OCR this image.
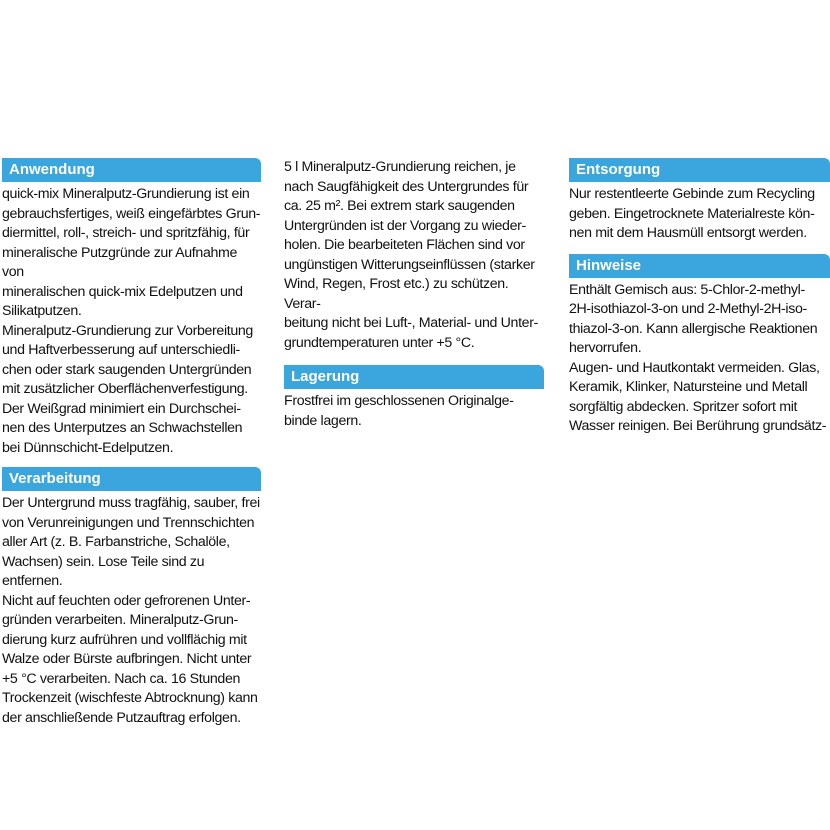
Anwendung
quick-mix Mineralputz-Grundierung ist ein
gebrauchsfertiges, weiß eingefärbtes Grun-
diermittel, roll-, streich- und spritzfähig, für
mineralische Putzgründe zur Aufnahme von
mineralischen quick-mix Edelputzen und
Silikatputzen.
Mineralputz-Grundierung zur Vorbereitung
und Haftverbesserung auf unterschiedli-
chen oder stark saugenden Untergründen
mit zusätzlicher Oberflächenverfestigung.
Der Weißgrad minimiert ein Durchschei-
nen des Unterputzes an Schwachstellen
bei Dünnschicht-Edelputzen.
Verarbeitung
Der Untergrund muss tragfähig, sauber, frei
von Verunreinigungen und Trennschichten
aller Art (z. B. Farbanstriche, Schalöle,
Wachsen) sein. Lose Teile sind zu entfernen.
Nicht auf feuchten oder gefrorenen Unter-
gründen verarbeiten. Mineralputz-Grun-
dierung kurz aufrühren und vollflächig mit
Walze oder Bürste aufbringen. Nicht unter
+5 °C verarbeiten. Nach ca. 16 Stunden
Trockenzeit (wischfeste Abtrocknung) kann
der anschließende Putzauftrag erfolgen.
5 l Mineralputz-Grundierung reichen, je
nach Saugfähigkeit des Untergrundes für
ca. 25 m². Bei extrem stark saugenden
Untergründen ist der Vorgang zu wieder-
holen. Die bearbeiteten Flächen sind vor
ungünstigen Witterungseinflüssen (starker
Wind, Regen, Frost etc.) zu schützen. Verar-
beitung nicht bei Luft-, Material- und Unter-
grundtemperaturen unter +5 °C.
Lagerung
Frostfrei im geschlossenen Originalge-
binde lagern.
Entsorgung
Nur restentleerte Gebinde zum Recycling
geben. Eingetrocknete Materialreste kön-
nen mit dem Hausmüll entsorgt werden.
Hinweise
Enthält Gemisch aus: 5-Chlor-2-methyl-
2H-isothiazol-3-on und 2-Methyl-2H-iso-
thiazol-3-on. Kann allergische Reaktionen
hervorrufen.
Augen- und Hautkontakt vermeiden. Glas,
Keramik, Klinker, Natursteine und Metall
sorgfältig abdecken. Spritzer sofort mit
Wasser reinigen. Bei Berührung grundsätz-
